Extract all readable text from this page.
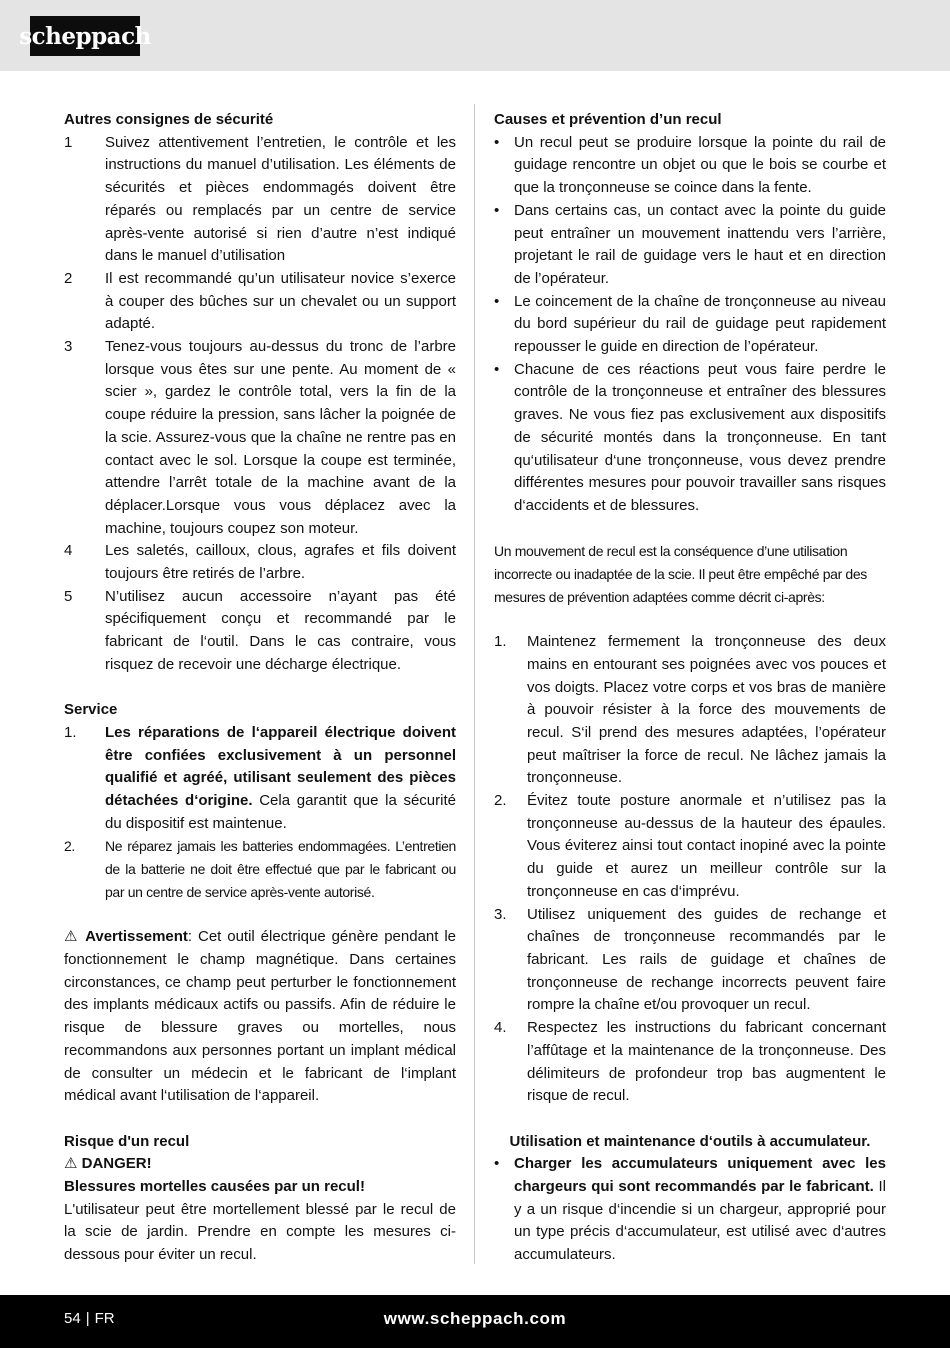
scheppach
Autres consignes de sécurité
1	Suivez attentivement l’entretien, le contrôle et les instructions du manuel d’utilisation. Les éléments de sécurités et pièces endommagés doivent être réparés ou remplacés par un centre de service après-vente autorisé si rien d’autre n’est indiqué dans le manuel d’utilisation
2	Il est recommandé qu’un utilisateur novice s’exerce à couper des bûches sur un chevalet ou un support adapté.
3	Tenez-vous toujours au-dessus du tronc de l’arbre lorsque vous êtes sur une pente. Au moment de « scier », gardez le contrôle total, vers la fin de la coupe réduire la pression, sans lâcher la poignée de la scie. Assurez-vous que la chaîne ne rentre pas en contact avec le sol. Lorsque la coupe est terminée, attendre l’arrêt totale de la machine avant de la déplacer.Lorsque vous vous déplacez avec la machine, toujours coupez son moteur.
4	Les saletés, cailloux, clous, agrafes et fils doivent toujours être retirés de l’arbre.
5	N’utilisez aucun accessoire n’ayant pas été spécifiquement conçu et recommandé par le fabricant de l‘outil. Dans le cas contraire, vous risquez de recevoir une décharge électrique.
Service
1.	Les réparations de l‘appareil électrique doivent être confiées exclusivement à un personnel qualifié et agréé, utilisant seulement des pièces détachées d‘origine. Cela garantit que la sécurité du dispositif est maintenue.
2.	Ne réparez jamais les batteries endommagées. L’entretien de la batterie ne doit être effectué que par le fabricant ou par un centre de service après-vente autorisé.

⚠ Avertissement: Cet outil électrique génère pendant le fonctionnement le champ magnétique. Dans certaines circonstances, ce champ peut perturber le fonctionnement des implants médicaux actifs ou passifs. Afin de réduire le risque de blessure graves ou mortelles, nous recommandons aux personnes portant un implant médical de consulter un médecin et le fabricant de l‘implant médical avant l‘utilisation de l‘appareil.

Risque d'un recul
⚠ DANGER!
Blessures mortelles causées par un recul!

L'utilisateur peut être mortellement blessé par le recul de la scie de jardin. Prendre en compte les mesures ci-dessous pour éviter un recul.

Causes et prévention d’un recul
• Un recul peut se produire lorsque la pointe du rail de guidage rencontre un objet ou que le bois se courbe et que la tronçonneuse se coince dans la fente.
• Dans certains cas, un contact avec la pointe du guide peut entraîner un mouvement inattendu vers l’arrière, projetant le rail de guidage vers le haut et en direction de l’opérateur.
• Le coincement de la chaîne de tronçonneuse au niveau du bord supérieur du rail de guidage peut rapidement repousser le guide en direction de l’opérateur.
• Chacune de ces réactions peut vous faire perdre le contrôle de la tronçonneuse et entraîner des blessures graves. Ne vous fiez pas exclusivement aux dispositifs de sécurité montés dans la tronçonneuse. En tant qu‘utilisateur d‘une tronçonneuse, vous devez prendre différentes mesures pour pouvoir travailler sans risques d‘accidents et de blessures.

Un mouvement de recul est la conséquence d’une utilisation incorrecte ou inadaptée de la scie. Il peut être empêché par des mesures de prévention adaptées comme décrit ci-après:

1.	Maintenez fermement la tronçonneuse des deux mains en entourant ses poignées avec vos pouces et vos doigts. Placez votre corps et vos bras de manière à pouvoir résister à la force des mouvements de recul. S‘il prend des mesures adaptées, l’opérateur peut maîtriser la force de recul. Ne lâchez jamais la tronçonneuse.
2.	Évitez toute posture anormale et n’utilisez pas la tronçonneuse au-dessus de la hauteur des épaules. Vous éviterez ainsi tout contact inopiné avec la pointe du guide et aurez un meilleur contrôle sur la tronçonneuse en cas d‘imprévu.
3.	Utilisez uniquement des guides de rechange et chaînes de tronçonneuse recommandés par le fabricant. Les rails de guidage et chaînes de tronçonneuse de rechange incorrects peuvent faire rompre la chaîne et/ou provoquer un recul.
4.	Respectez les instructions du fabricant concernant l’affûtage et la maintenance de la tronçonneuse. Des délimiteurs de profondeur trop bas augmentent le risque de recul.
Utilisation et maintenance d‘outils à accumulateur.
• Charger les accumulateurs uniquement avec les chargeurs qui sont recommandés par le fabricant. Il y a un risque d‘incendie si un chargeur, approprié pour un type précis d‘accumulateur, est utilisé avec d‘autres accumulateurs.
54 | FR	www.scheppach.com
